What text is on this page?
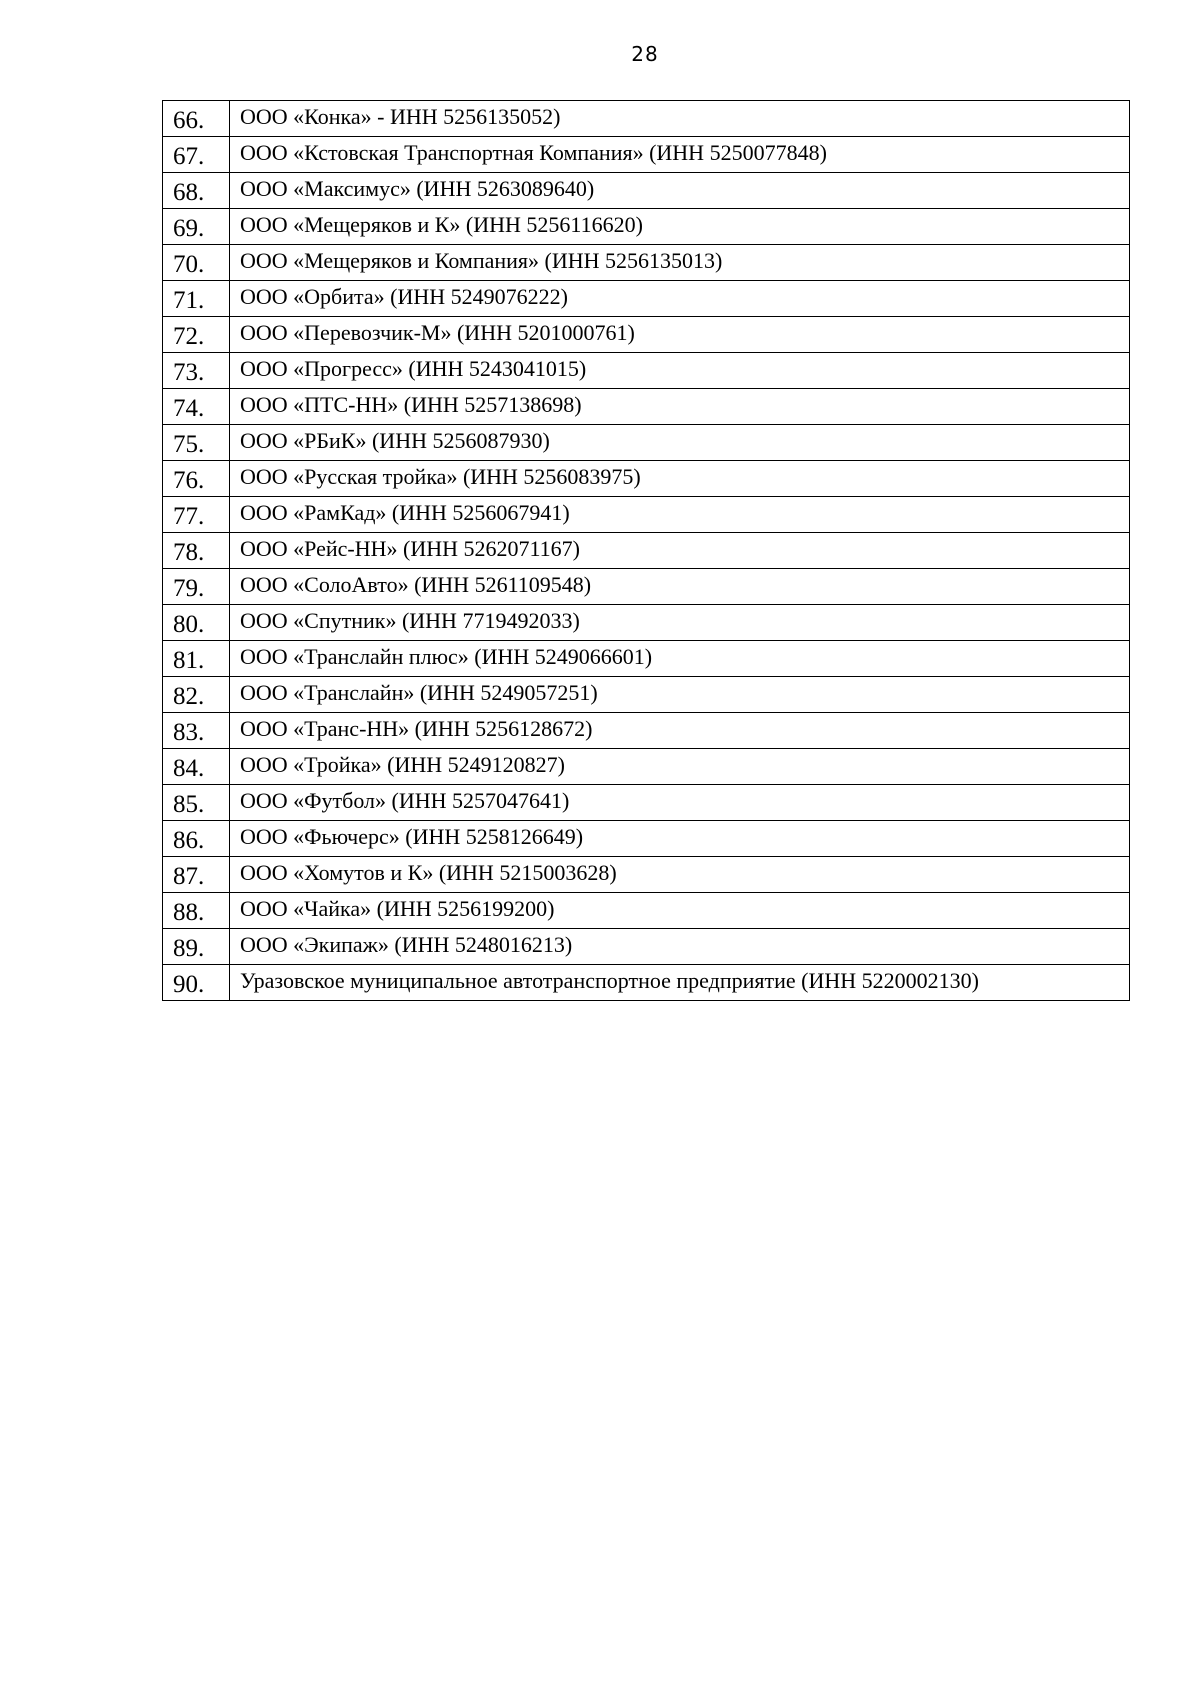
28
66.	ООО «Конка» - ИНН 5256135052)
67.	ООО «Кстовская Транспортная Компания» (ИНН 5250077848)
68.	ООО «Максимус» (ИНН 5263089640)
69.	ООО «Мещеряков и К» (ИНН 5256116620)
70.	ООО «Мещеряков и Компания» (ИНН 5256135013)
71.	ООО «Орбита» (ИНН 5249076222)
72.	ООО «Перевозчик-М» (ИНН 5201000761)
73.	ООО «Прогресс» (ИНН 5243041015)
74.	ООО «ПТС-НН» (ИНН 5257138698)
75.	ООО «РБиК» (ИНН 5256087930)
76.	ООО «Русская тройка» (ИНН 5256083975)
77.	ООО «РамКад» (ИНН 5256067941)
78.	ООО «Рейс-НН» (ИНН 5262071167)
79.	ООО «СолоАвто» (ИНН 5261109548)
80.	ООО «Спутник» (ИНН 7719492033)
81.	ООО «Транслайн плюс» (ИНН 5249066601)
82.	ООО «Транслайн» (ИНН 5249057251)
83.	ООО «Транс-НН» (ИНН 5256128672)
84.	ООО «Тройка» (ИНН 5249120827)
85.	ООО «Футбол» (ИНН 5257047641)
86.	ООО «Фьючерс» (ИНН 5258126649)
87.	ООО «Хомутов и К» (ИНН 5215003628)
88.	ООО «Чайка» (ИНН 5256199200)
89.	ООО «Экипаж» (ИНН 5248016213)
90.	Уразовское муниципальное автотранспортное предприятие (ИНН 5220002130)
